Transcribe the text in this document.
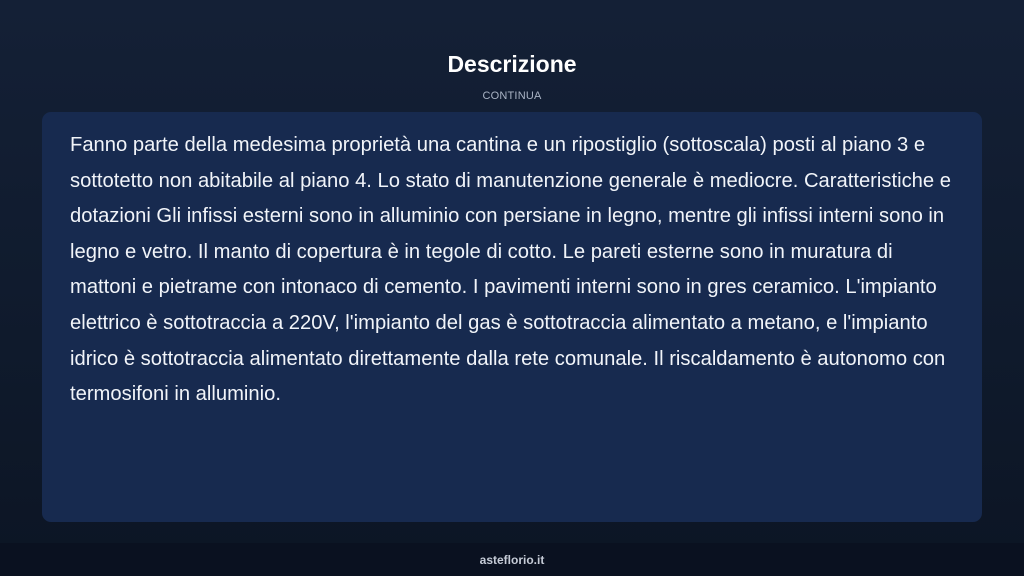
Descrizione
CONTINUA

Fanno parte della medesima proprietà una cantina e un ripostiglio (sottoscala) posti al piano 3 e sottotetto non abitabile al piano 4. Lo stato di manutenzione generale è mediocre. Caratteristiche e dotazioni Gli infissi esterni sono in alluminio con persiane in legno, mentre gli infissi interni sono in legno e vetro. Il manto di copertura è in tegole di cotto. Le pareti esterne sono in muratura di mattoni e pietrame con intonaco di cemento. I pavimenti interni sono in gres ceramico. L'impianto elettrico è sottotraccia a 220V, l'impianto del gas è sottotraccia alimentato a metano, e l'impianto idrico è sottotraccia alimentato direttamente dalla rete comunale. Il riscaldamento è autonomo con termosifoni in alluminio.

asteflorio.it
